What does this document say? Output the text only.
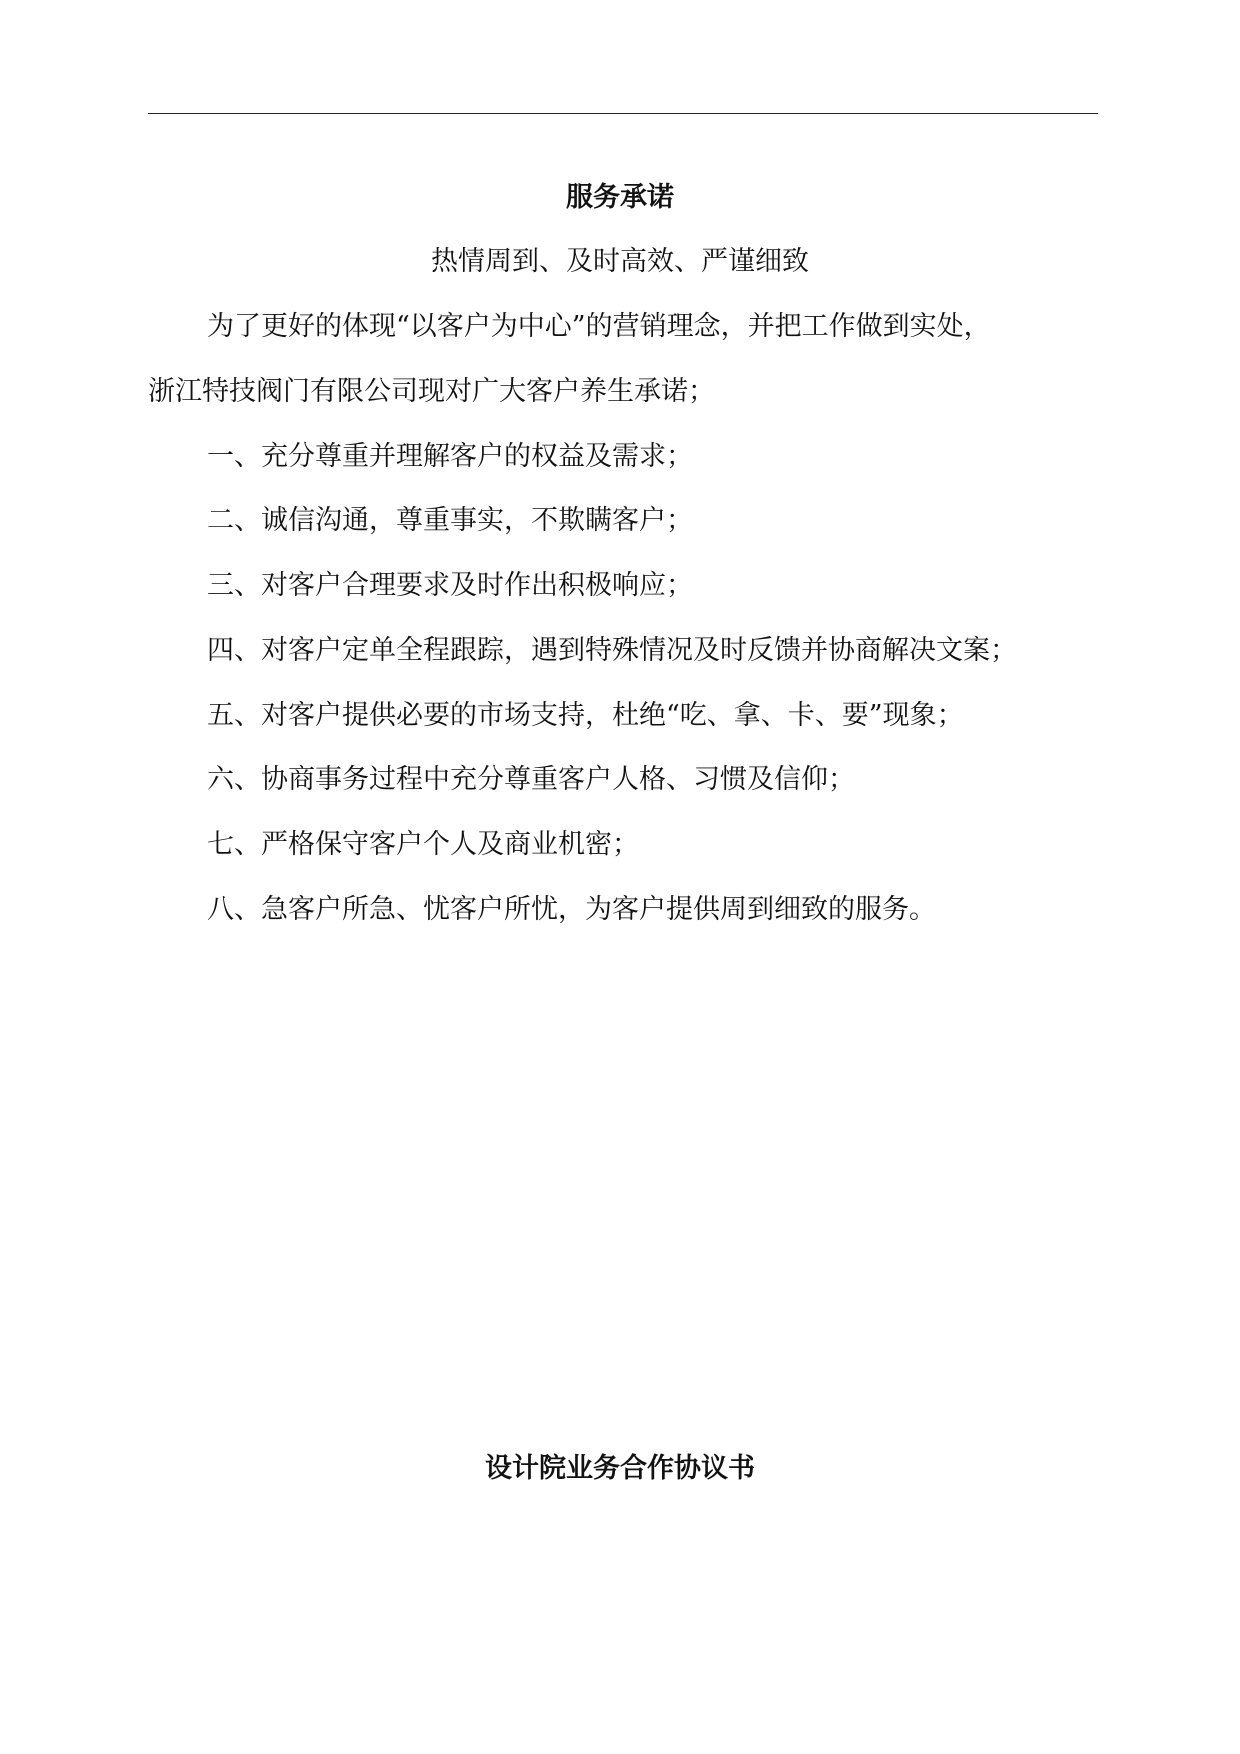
服务承诺
热情周到、及时高效、严谨细致
为了更好的体现“以客户为中心”的营销理念，并把工作做到实处，
浙江特技阀门有限公司现对广大客户养生承诺；
一、充分尊重并理解客户的权益及需求；
二、诚信沟通，尊重事实，不欺瞒客户；
三、对客户合理要求及时作出积极响应；
四、对客户定单全程跟踪，遇到特殊情况及时反馈并协商解决文案；
五、对客户提供必要的市场支持，杜绝“吃、拿、卡、要”现象；
六、协商事务过程中充分尊重客户人格、习惯及信仰；
七、严格保守客户个人及商业机密；
八、急客户所急、忧客户所忧，为客户提供周到细致的服务。
设计院业务合作协议书
